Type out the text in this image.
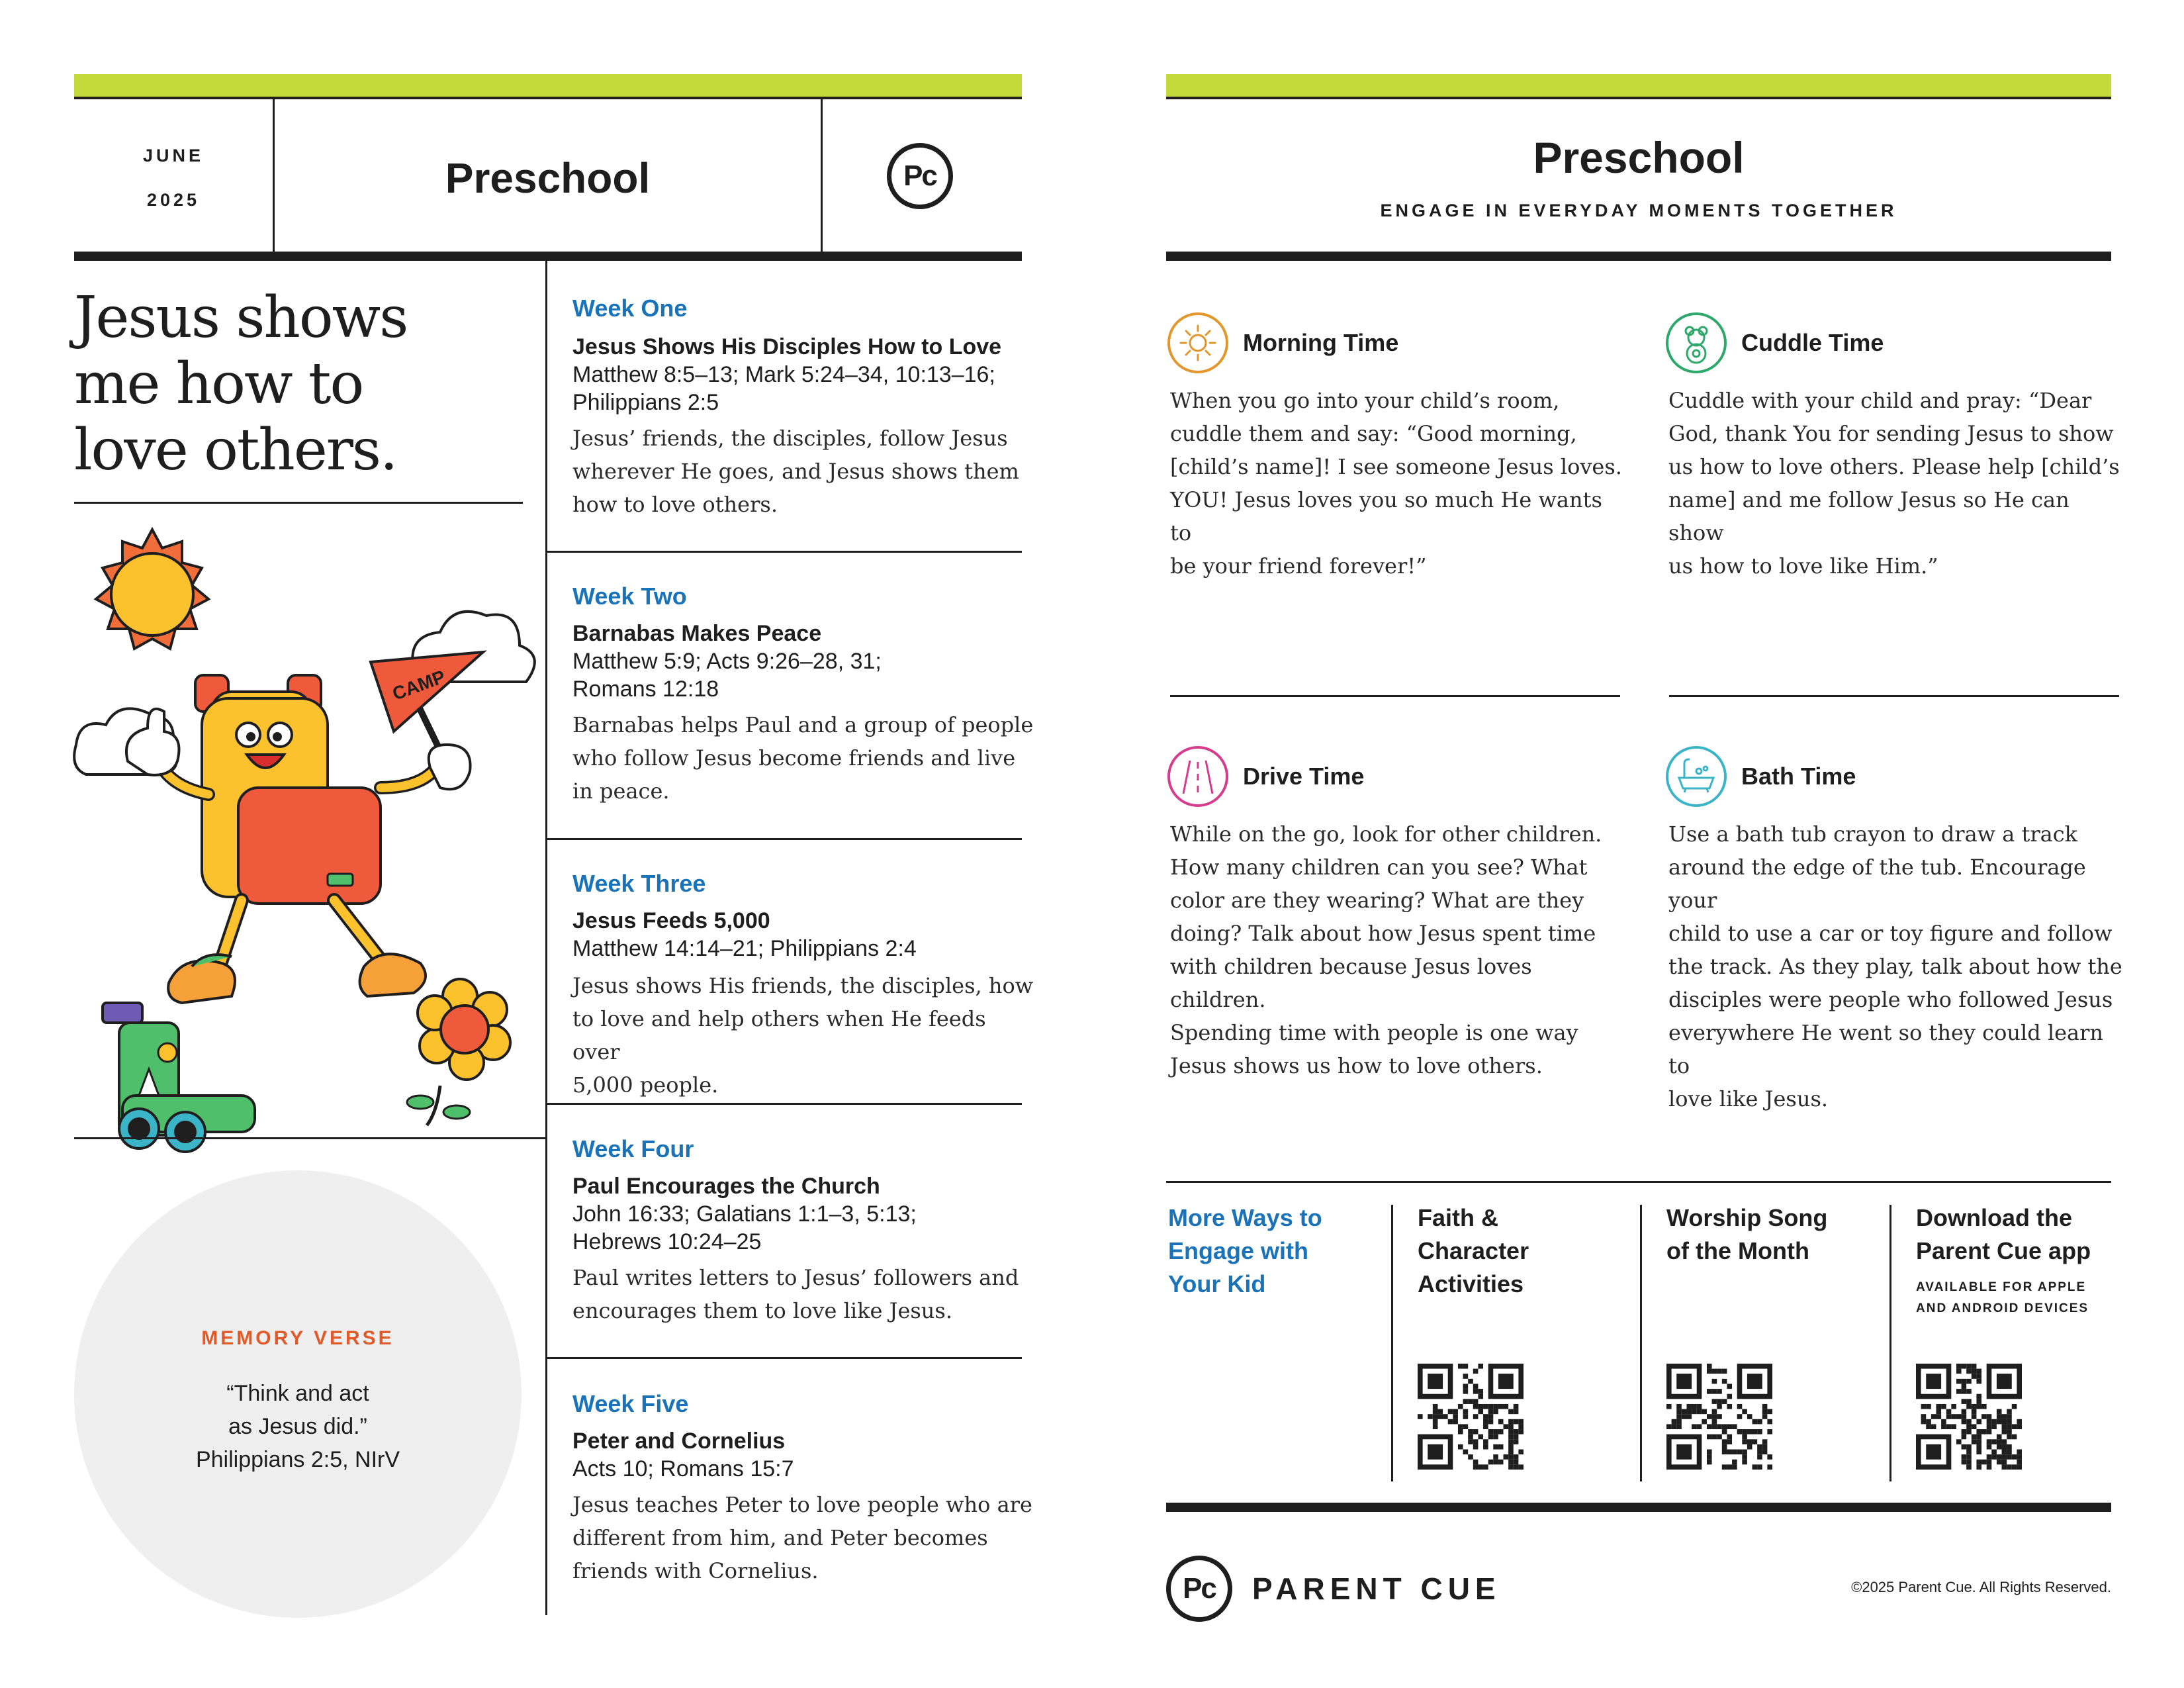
JUNE
2025	Preschool	Pc
Jesus shows
me how to
love others.
CAMP
MEMORY VERSE
“Think and act
as Jesus did.”
Philippians 2:5, NIrV
Week One
Jesus Shows His Disciples How to Love
Matthew 8:5–13; Mark 5:24–34, 10:13–16;
Philippians 2:5
Jesus’ friends, the disciples, follow Jesus
wherever He goes, and Jesus shows them
how to love others.
Week Two
Barnabas Makes Peace
Matthew 5:9; Acts 9:26–28, 31;
Romans 12:18
Barnabas helps Paul and a group of people
who follow Jesus become friends and live
in peace.
Week Three
Jesus Feeds 5,000
Matthew 14:14–21; Philippians 2:4
Jesus shows His friends, the disciples, how
to love and help others when He feeds over
5,000 people.
Week Four
Paul Encourages the Church
John 16:33; Galatians 1:1–3, 5:13;
Hebrews 10:24–25
Paul writes letters to Jesus’ followers and
encourages them to love like Jesus.
Week Five
Peter and Cornelius
Acts 10; Romans 15:7
Jesus teaches Peter to love people who are
different from him, and Peter becomes
friends with Cornelius.
Preschool
ENGAGE IN EVERYDAY MOMENTS TOGETHER
Morning Time
When you go into your child’s room,
cuddle them and say: “Good morning,
[child’s name]! I see someone Jesus loves.
YOU! Jesus loves you so much He wants to
be your friend forever!”
Cuddle Time
Cuddle with your child and pray: “Dear
God, thank You for sending Jesus to show
us how to love others. Please help [child’s
name] and me follow Jesus so He can show
us how to love like Him.”
Drive Time
While on the go, look for other children.
How many children can you see? What
color are they wearing? What are they
doing? Talk about how Jesus spent time
with children because Jesus loves children.
Spending time with people is one way
Jesus shows us how to love others.
Bath Time
Use a bath tub crayon to draw a track
around the edge of the tub. Encourage your
child to use a car or toy figure and follow
the track. As they play, talk about how the
disciples were people who followed Jesus
everywhere He went so they could learn to
love like Jesus.
More Ways to
Engage with
Your Kid
Faith &
Character
Activities
Worship Song
of the Month
Download the
Parent Cue app
AVAILABLE FOR APPLE
AND ANDROID DEVICES
Pc PARENT CUE	©2025 Parent Cue. All Rights Reserved.
